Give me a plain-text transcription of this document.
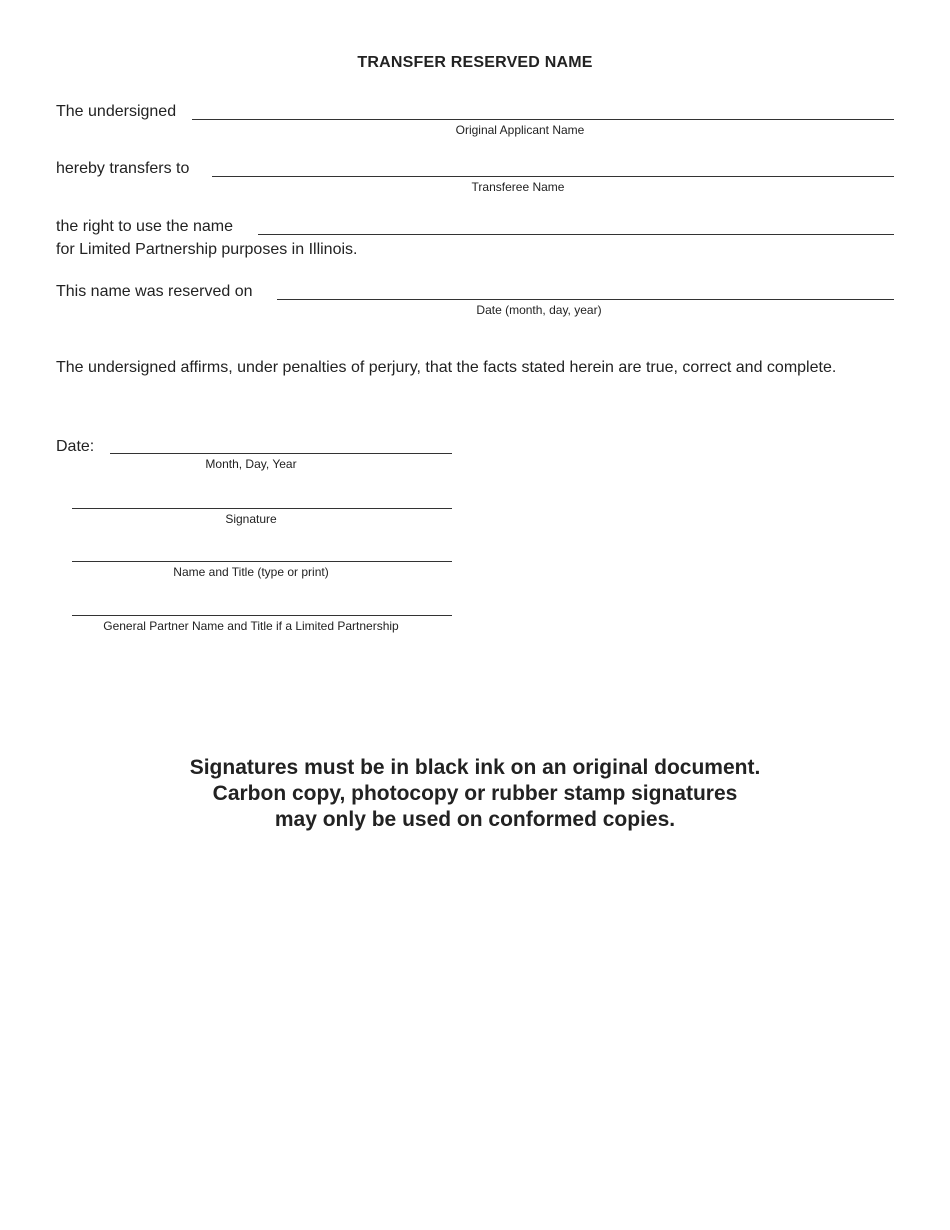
TRANSFER RESERVED NAME
The undersigned
Original Applicant Name
hereby transfers to
Transferee Name
the right to use the name
for Limited Partnership purposes in Illinois.
This name was reserved on
Date (month, day, year)
The undersigned affirms, under penalties of perjury, that the facts stated herein are true, correct and complete.
Date:
Month, Day, Year
Signature
Name and Title (type or print)
General Partner Name and Title if a Limited Partnership
Signatures must be in black ink on an original document.
Carbon copy, photocopy or rubber stamp signatures
may only be used on conformed copies.
